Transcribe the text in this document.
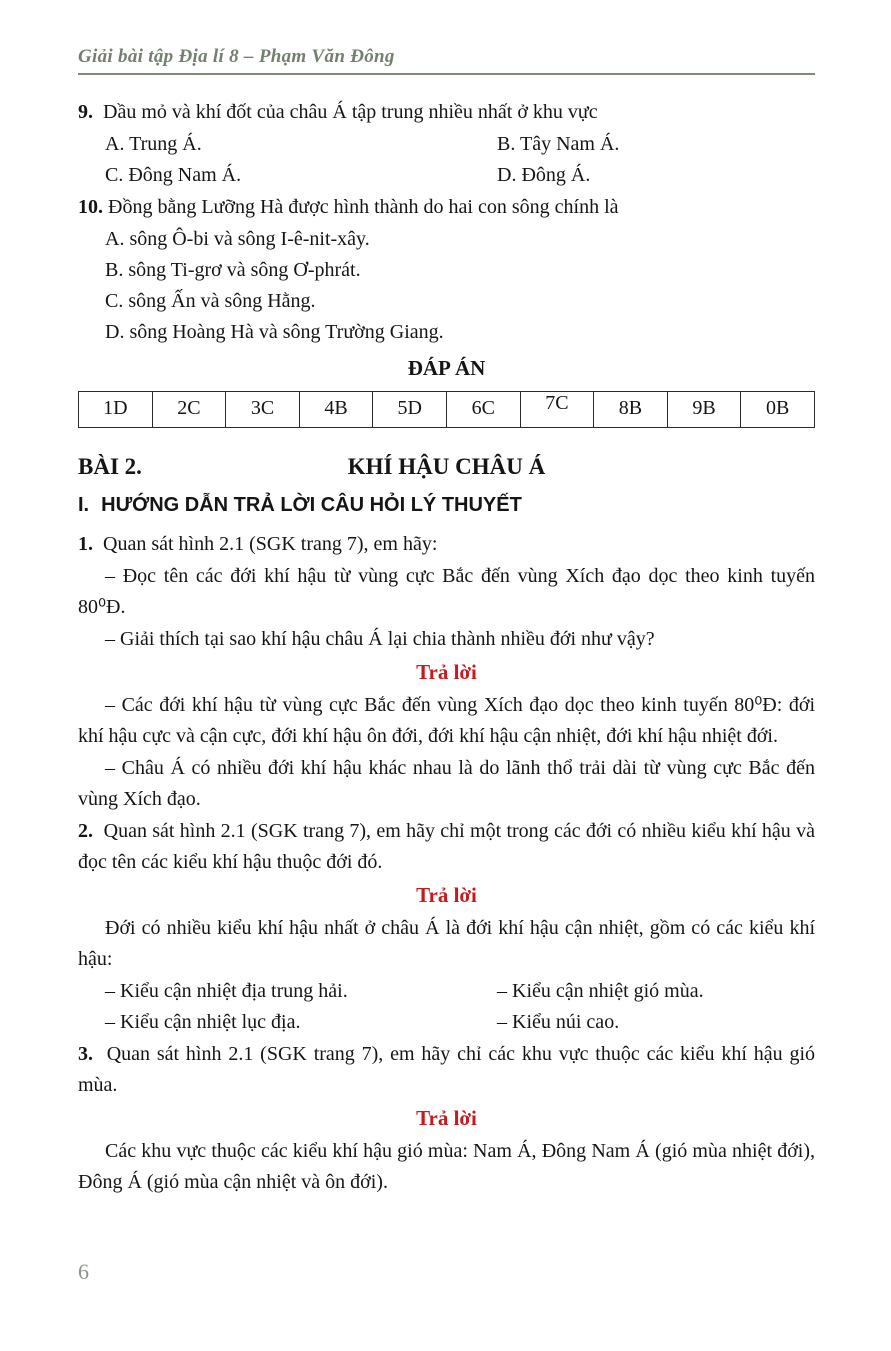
Giải bài tập Địa lí 8 – Phạm Văn Đông

9. Dầu mỏ và khí đốt của châu Á tập trung nhiều nhất ở khu vực

A. Trung Á.	B. Tây Nam Á.
C. Đông Nam Á.	D. Đông Á.

10. Đồng bằng Lưỡng Hà được hình thành do hai con sông chính là

A. sông Ô-bi và sông I-ê-nit-xây.
B. sông Ti-grơ và sông Ơ-phrát.
C. sông Ấn và sông Hằng.
D. sông Hoàng Hà và sông Trường Giang.
ĐÁP ÁN
1D	2C	3C	4B	5D	6C	7C	8B	9B	0B
BÀI 2.	KHÍ HẬU CHÂU Á
I. HƯỚNG DẪN TRẢ LỜI CÂU HỎI LÝ THUYẾT

1. Quan sát hình 2.1 (SGK trang 7), em hãy:

– Đọc tên các đới khí hậu từ vùng cực Bắc đến vùng Xích đạo dọc theo kinh tuyến 80⁰Đ.

– Giải thích tại sao khí hậu châu Á lại chia thành nhiều đới như vậy?

Trả lời

– Các đới khí hậu từ vùng cực Bắc đến vùng Xích đạo dọc theo kinh tuyến 80⁰Đ: đới khí hậu cực và cận cực, đới khí hậu ôn đới, đới khí hậu cận nhiệt, đới khí hậu nhiệt đới.

– Châu Á có nhiều đới khí hậu khác nhau là do lãnh thổ trải dài từ vùng cực Bắc đến vùng Xích đạo.

2. Quan sát hình 2.1 (SGK trang 7), em hãy chỉ một trong các đới có nhiều kiểu khí hậu và đọc tên các kiểu khí hậu thuộc đới đó.

Trả lời

Đới có nhiều kiểu khí hậu nhất ở châu Á là đới khí hậu cận nhiệt, gồm có các kiểu khí hậu:

– Kiểu cận nhiệt địa trung hải.	– Kiểu cận nhiệt gió mùa.
– Kiểu cận nhiệt lục địa.	– Kiểu núi cao.

3. Quan sát hình 2.1 (SGK trang 7), em hãy chỉ các khu vực thuộc các kiểu khí hậu gió mùa.

Trả lời

Các khu vực thuộc các kiểu khí hậu gió mùa: Nam Á, Đông Nam Á (gió mùa nhiệt đới), Đông Á (gió mùa cận nhiệt và ôn đới).

6
